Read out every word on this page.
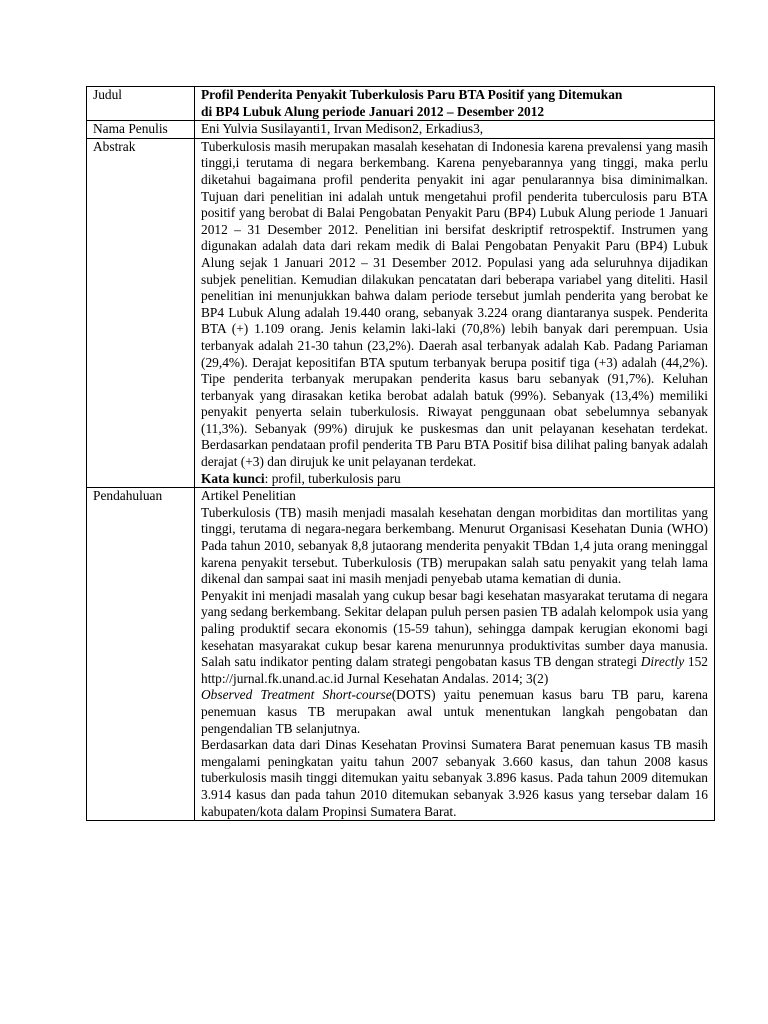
Judul	Profil Penderita Penyakit Tuberkulosis Paru BTA Positif yang Ditemukan
di BP4 Lubuk Alung periode Januari 2012 – Desember 2012

Nama Penulis	Eni Yulvia Susilayanti1, Irvan Medison2, Erkadius3,
Abstrak	Tuberkulosis masih merupakan masalah kesehatan di Indonesia karena prevalensi yang masih tinggi,i terutama di negara berkembang. Karena penyebarannya yang tinggi, maka perlu diketahui bagaimana profil penderita penyakit ini agar penularannya bisa diminimalkan. Tujuan dari penelitian ini adalah untuk mengetahui profil penderita tuberculosis paru BTA positif yang berobat di Balai Pengobatan Penyakit Paru (BP4) Lubuk Alung periode 1 Januari 2012 – 31 Desember 2012. Penelitian ini bersifat deskriptif retrospektif. Instrumen yang digunakan adalah data dari rekam medik di Balai Pengobatan Penyakit Paru (BP4) Lubuk Alung sejak 1 Januari 2012 – 31 Desember 2012. Populasi yang ada seluruhnya dijadikan subjek penelitian. Kemudian dilakukan pencatatan dari beberapa variabel yang diteliti. Hasil penelitian ini menunjukkan bahwa dalam periode tersebut jumlah penderita yang berobat ke BP4 Lubuk Alung adalah 19.440 orang, sebanyak 3.224 orang diantaranya suspek. Penderita BTA (+) 1.109 orang. Jenis kelamin laki-laki (70,8%) lebih banyak dari perempuan. Usia terbanyak adalah 21-30 tahun (23,2%). Daerah asal terbanyak adalah Kab. Padang Pariaman (29,4%). Derajat kepositifan BTA sputum terbanyak berupa positif tiga (+3) adalah (44,2%). Tipe penderita terbanyak merupakan penderita kasus baru sebanyak (91,7%). Keluhan terbanyak yang dirasakan ketika berobat adalah batuk (99%). Sebanyak (13,4%) memiliki penyakit penyerta selain tuberkulosis. Riwayat penggunaan obat sebelumnya sebanyak (11,3%). Sebanyak (99%) dirujuk ke puskesmas dan unit pelayanan kesehatan terdekat. Berdasarkan pendataan profil penderita TB Paru BTA Positif bisa dilihat paling banyak adalah derajat (+3) dan dirujuk ke unit pelayanan terdekat.

Kata kunci: profil, tuberkulosis paru

Pendahuluan	Artikel Penelitian

Tuberkulosis (TB) masih menjadi masalah kesehatan dengan morbiditas dan mortilitas yang tinggi, terutama di negara-negara berkembang. Menurut Organisasi Kesehatan Dunia (WHO) Pada tahun 2010, sebanyak 8,8 jutaorang menderita penyakit TBdan 1,4 juta orang meninggal karena penyakit tersebut. Tuberkulosis (TB) merupakan salah satu penyakit yang telah lama dikenal dan sampai saat ini masih menjadi penyebab utama kematian di dunia.

Penyakit ini menjadi masalah yang cukup besar bagi kesehatan masyarakat terutama di negara yang sedang berkembang. Sekitar delapan puluh persen pasien TB adalah kelompok usia yang paling produktif secara ekonomis (15-59 tahun), sehingga dampak kerugian ekonomi bagi kesehatan masyarakat cukup besar karena menurunnya produktivitas sumber daya manusia. Salah satu indikator penting dalam strategi pengobatan kasus TB dengan strategi Directly 152 http://jurnal.fk.unand.ac.id Jurnal Kesehatan Andalas. 2014; 3(2)

Observed Treatment Short-course(DOTS) yaitu penemuan kasus baru TB paru, karena penemuan kasus TB merupakan awal untuk menentukan langkah pengobatan dan pengendalian TB selanjutnya.

Berdasarkan data dari Dinas Kesehatan Provinsi Sumatera Barat penemuan kasus TB masih mengalami peningkatan yaitu tahun 2007 sebanyak 3.660 kasus, dan tahun 2008 kasus tuberkulosis masih tinggi ditemukan yaitu sebanyak 3.896 kasus. Pada tahun 2009 ditemukan 3.914 kasus dan pada tahun 2010 ditemukan sebanyak 3.926 kasus yang tersebar dalam 16 kabupaten/kota dalam Propinsi Sumatera Barat.
